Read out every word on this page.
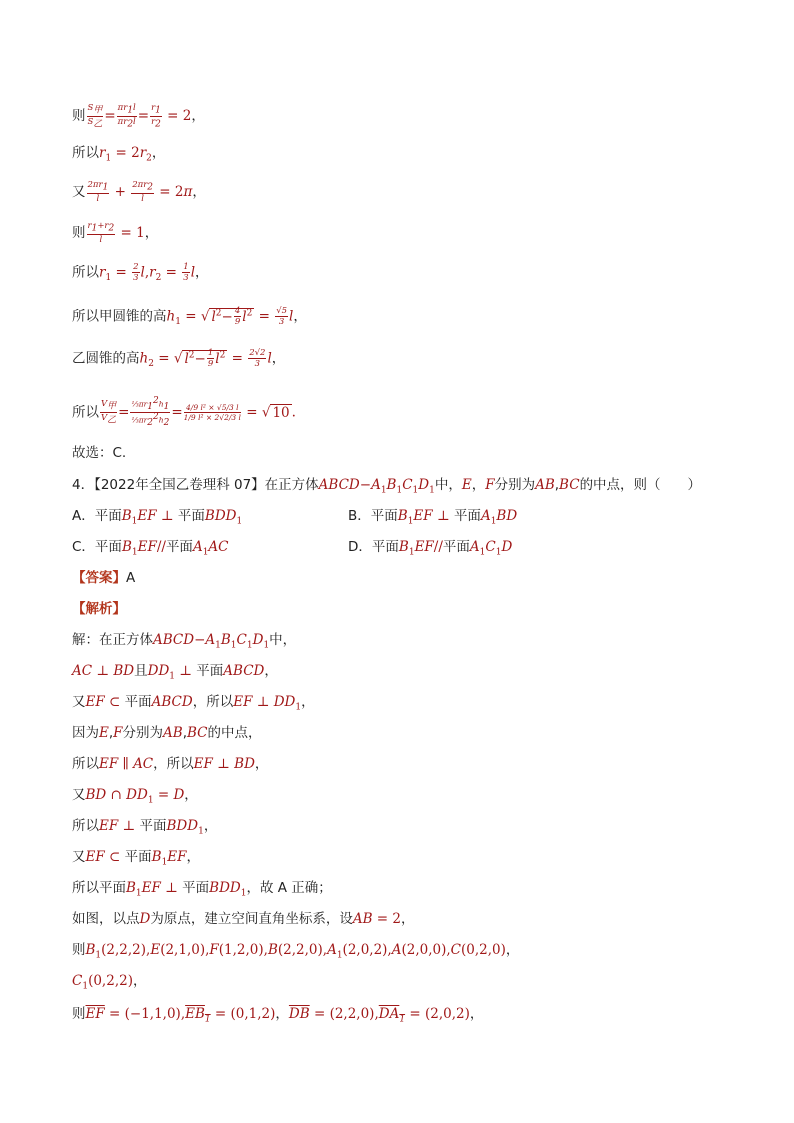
则 $\frac{S_甲}{S_乙} = \frac{\pi r_1l}{\pi r_2l} = \frac{r_1}{r_2} = 2$，
所以$r_1 = 2r_2$，
又 $\frac{2\pi r_1}{l} + \frac{2\pi r_2}{l} = 2\pi$，
则 $\frac{r_1+r_2}{l} = 1$，
所以$r_1 = \frac{2}{3} l,r_2 = \frac{1}{3}$ l，
所以甲圆锥的高$h_1$ = √ $l^2- \frac{4}{9} l^2 = \frac{√5}{3}$ l，
乙圆锥的高$h_2$ = √ $l^2- \frac{1}{9} l^2 = \frac{2√2}{3}$ l，
所以 $\frac{V_甲}{V_乙} = \frac{\frac{1}{3}\pi r_1^2h_1}{\frac{1}{3}\pi r_2^2h_2} = \frac{\text{4/9 l² × √5/3 l}}{\text{1/9 l² × 2√2/3 l}}$ = √ 10 .
故选：C.
4．【2022年全国乙卷理科 07】在正方体$ABCD-A_1B_1C_1D_1$中，E，F分别为AB,BC的中点，则（　　）
A．平面$B_1EF$ ⊥ 平面$BDD_1$	B．平面$B_1EF$ ⊥ 平面$A_1BD$
C．平面$B_1EF//$平面$A_1AC$	D．平面$B_1EF//$平面$A_1C_1D$
【答案】A
【解析】
解：在正方体$ABCD-A_1B_1C_1D_1$中，
AC ⊥ BD且$DD_1$ ⊥ 平面ABCD，
又EF ⊂ 平面ABCD，所以EF ⊥ $DD_1$，
因为E,F分别为AB,BC的中点，
所以EF ∥ AC，所以EF ⊥ BD，
又BD ∩ $DD_1 = D$，
所以EF ⊥ 平面$BDD_1$，
又EF ⊂ 平面$B_1EF$，
所以平面$B_1EF$ ⊥ 平面$BDD_1$，故 A 正确；
如图，以点D为原点，建立空间直角坐标系，设AB = 2，
则$B_1(2,2,2),E(2,1,0),F(1,2,0),B(2,2,0),A_1(2,0,2),A(2,0,0),C(0,2,0)$，
$C_1(0,2,2)$，
则$\overline{EF} = (-1,1,0),EB_1 = (0,1,2)$，$\overline{DB} = (2,2,0),DA_1 = (2,0,2)$，
